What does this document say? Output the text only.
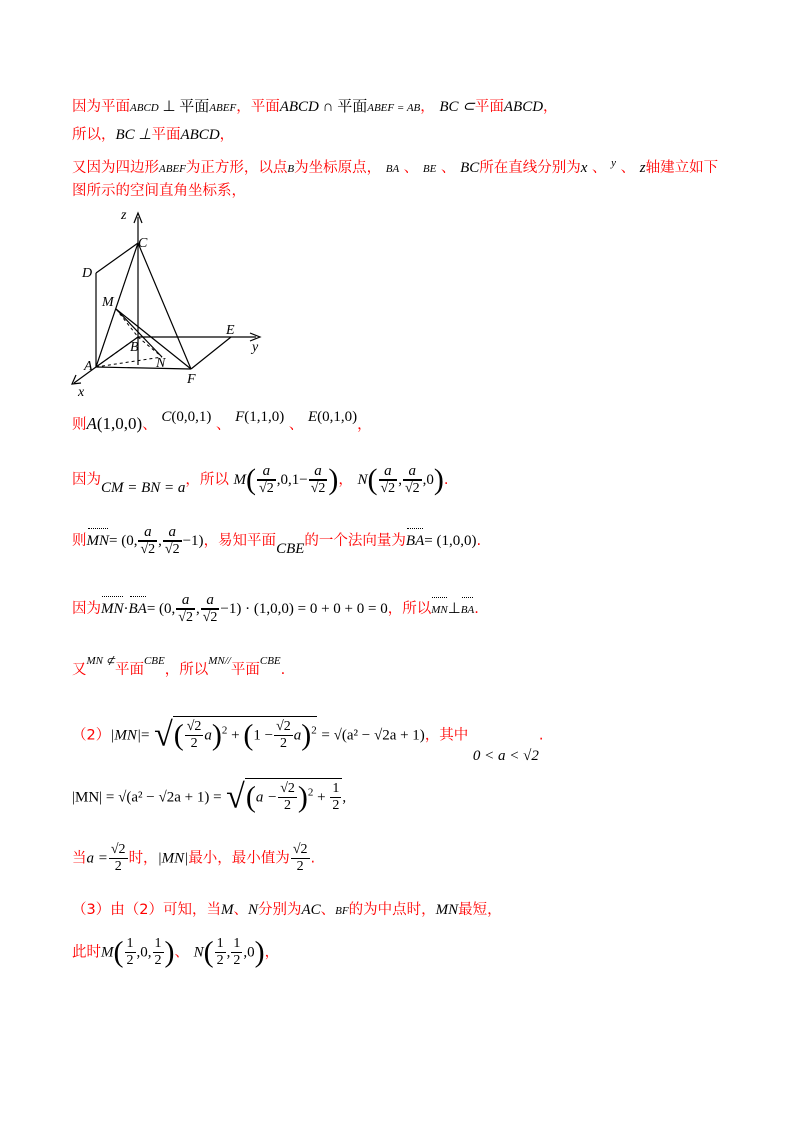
因为平面ABCD ⊥ 平面ABEF，平面ABCD ∩ 平面ABEF = AB， BC ⊂平面ABCD，
所以，BC ⊥平面ABCD，
又因为四边形ABEF为正方形，以点B为坐标原点， BA 、 BE 、 BC所在直线分别为x 、 $^y$ 、 z轴建立如下
图所示的空间直角坐标系，
z
y
x
C
D
M
B
E
A	N
F
则A(1,0,0)、 C(0,0,1) 、 F(1,1,0) 、 E(0,1,0)，
因为CM = BN = a，所以 $M( \frac{a}{√2} ,0,1- \frac{a}{√2}$ )， $N( \frac{a}{√2}$ , $\frac{a}{√2} ,0$).
则MN= (0, $\frac{a}{√2}$ , $\frac{a}{√2} -1$)，易知平面CBE的一个法向量为BA= (1,0,0).
因为MN·BA= (0, $\frac{a}{√2}$ , $\frac{a}{√2} -1) \cdot (1,0,0) = 0 + 0 + 0 = 0$，所以MN⊥BA.
又$^{MN ⊄}$平面$^{CBE}$，所以$^{MN//}$平面$^{CBE}$.
（2）|MN|= √( $\frac{√2}{2} a)^2 + (1 - \frac{√2}{2} a)^2 = √(a^2 - √2a + 1)$，其中 0 < a < √2.
$|MN| = √(a^2 - √2a + 1) = √(a - \frac{√2}{2} )^2 + \frac{1}{2}$ ,
当$a = \frac{√2}{2}$ 时，|MN|最小，最小值为 $\frac{√2}{2}$ .
（3）由（2）可知，当M、N分别为AC、BF的为中点时，MN最短，
此时$M( \frac{1}{2} ,0$, $\frac{1}{2}$ )、 $N( \frac{1}{2}$ , $\frac{1}{2} ,0$)，
